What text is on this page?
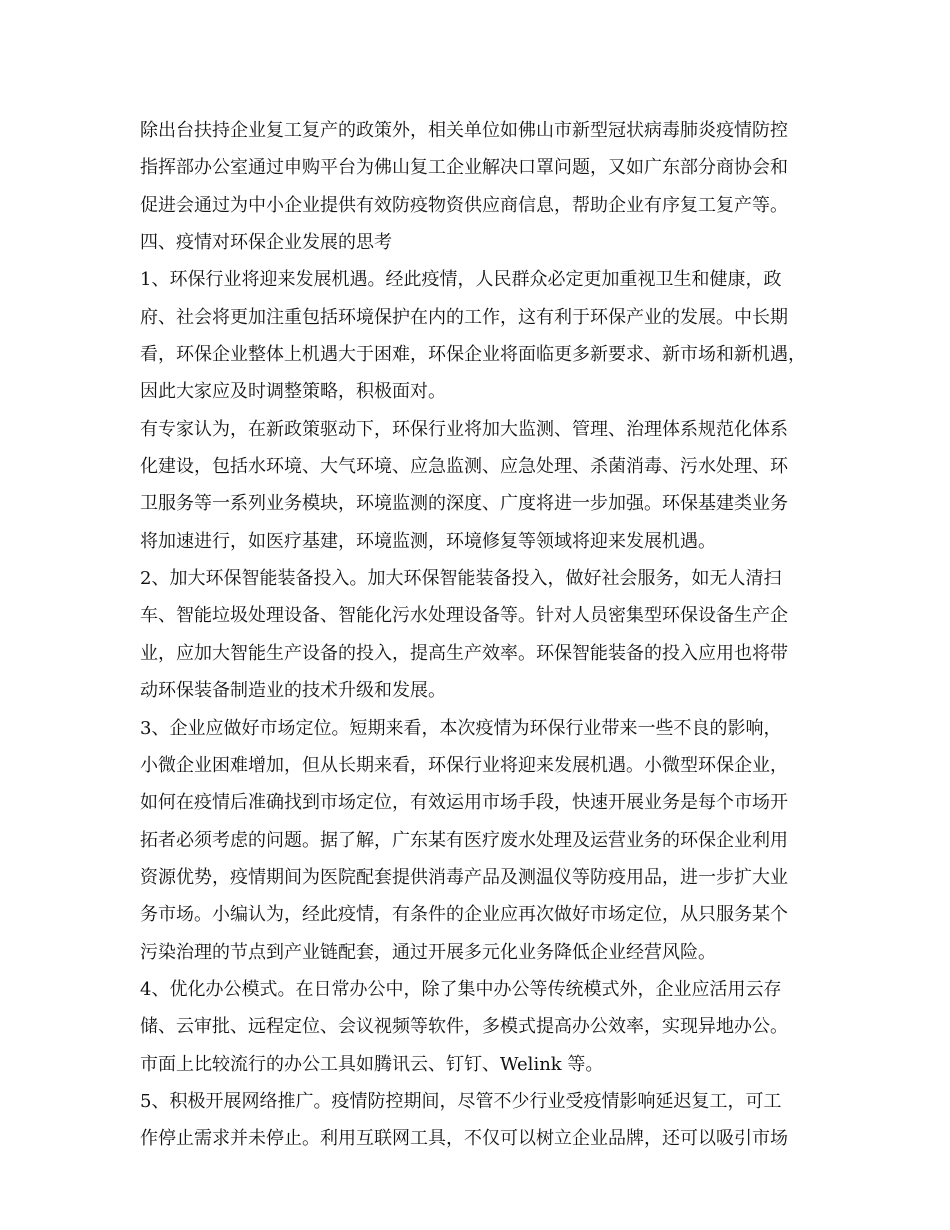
除出台扶持企业复工复产的政策外，相关单位如佛山市新型冠状病毒肺炎疫情防控
指挥部办公室通过申购平台为佛山复工企业解决口罩问题，又如广东部分商协会和
促进会通过为中小企业提供有效防疫物资供应商信息，帮助企业有序复工复产等。
四、疫情对环保企业发展的思考
1、环保行业将迎来发展机遇。经此疫情，人民群众必定更加重视卫生和健康，政
府、社会将更加注重包括环境保护在内的工作，这有利于环保产业的发展。中长期
看，环保企业整体上机遇大于困难，环保企业将面临更多新要求、新市场和新机遇，
因此大家应及时调整策略，积极面对。
有专家认为，在新政策驱动下，环保行业将加大监测、管理、治理体系规范化体系
化建设，包括水环境、大气环境、应急监测、应急处理、杀菌消毒、污水处理、环
卫服务等一系列业务模块，环境监测的深度、广度将进一步加强。环保基建类业务
将加速进行，如医疗基建，环境监测，环境修复等领域将迎来发展机遇。
2、加大环保智能装备投入。加大环保智能装备投入，做好社会服务，如无人清扫
车、智能垃圾处理设备、智能化污水处理设备等。针对人员密集型环保设备生产企
业，应加大智能生产设备的投入，提高生产效率。环保智能装备的投入应用也将带
动环保装备制造业的技术升级和发展。
3、企业应做好市场定位。短期来看，本次疫情为环保行业带来一些不良的影响，
小微企业困难增加，但从长期来看，环保行业将迎来发展机遇。小微型环保企业，
如何在疫情后准确找到市场定位，有效运用市场手段，快速开展业务是每个市场开
拓者必须考虑的问题。据了解，广东某有医疗废水处理及运营业务的环保企业利用
资源优势，疫情期间为医院配套提供消毒产品及测温仪等防疫用品，进一步扩大业
务市场。小编认为，经此疫情，有条件的企业应再次做好市场定位，从只服务某个
污染治理的节点到产业链配套，通过开展多元化业务降低企业经营风险。
4、优化办公模式。在日常办公中，除了集中办公等传统模式外，企业应活用云存
储、云审批、远程定位、会议视频等软件，多模式提高办公效率，实现异地办公。
市面上比较流行的办公工具如腾讯云、钉钉、Welink 等。
5、积极开展网络推广。疫情防控期间，尽管不少行业受疫情影响延迟复工，可工
作停止需求并未停止。利用互联网工具，不仅可以树立企业品牌，还可以吸引市场
